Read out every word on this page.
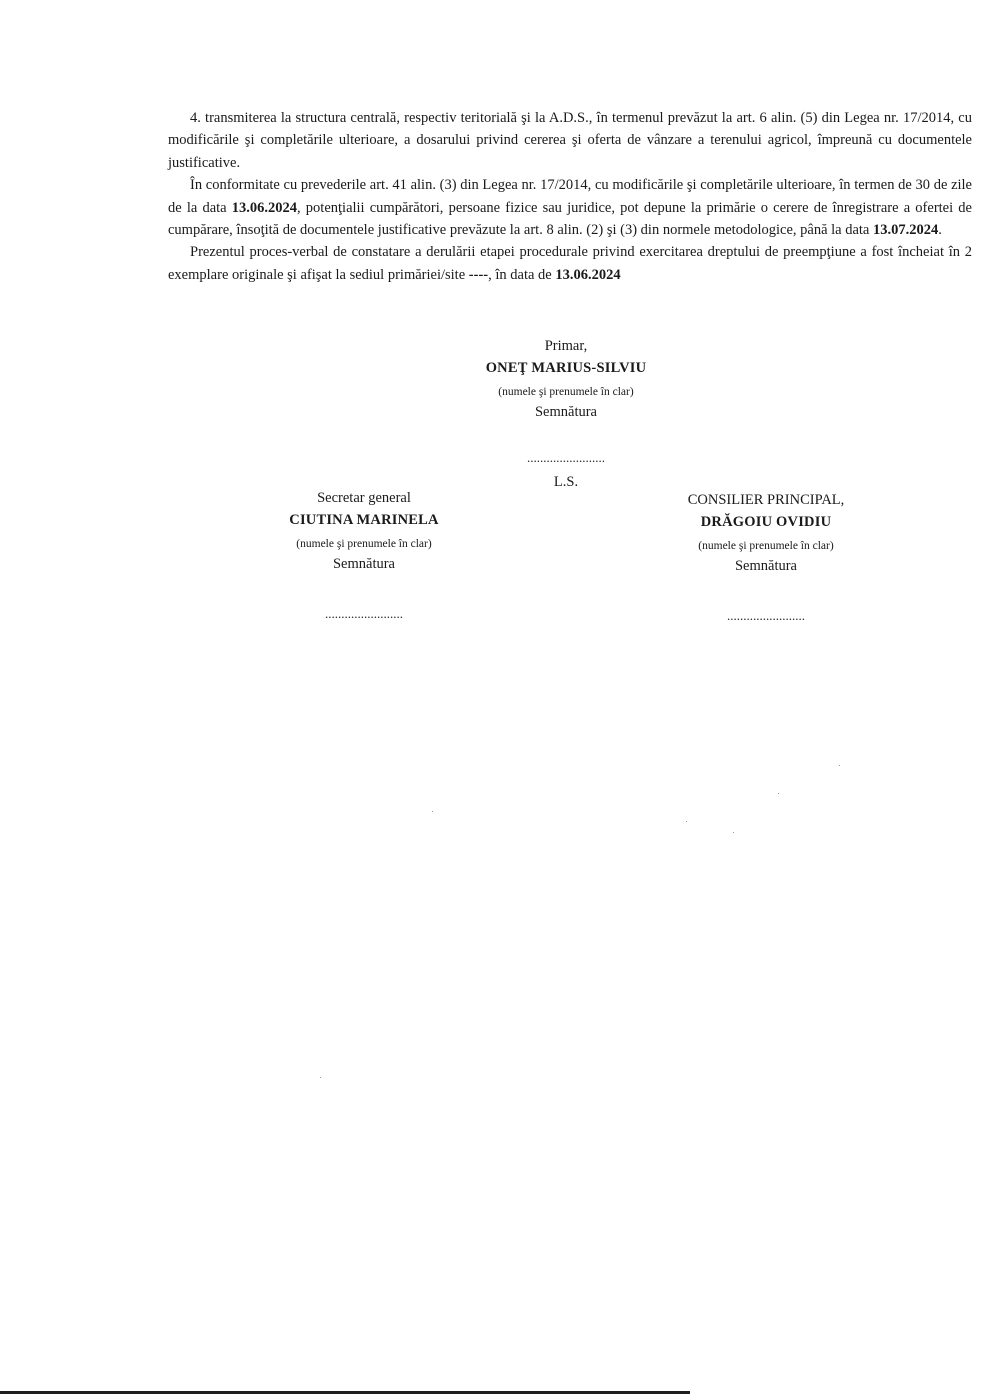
4. transmiterea la structura centrală, respectiv teritorială şi la A.D.S., în termenul prevăzut la art. 6 alin. (5) din Legea nr. 17/2014, cu modificările şi completările ulterioare, a dosarului privind cererea şi oferta de vânzare a terenului agricol, împreună cu documentele justificative.

În conformitate cu prevederile art. 41 alin. (3) din Legea nr. 17/2014, cu modificările şi completările ulterioare, în termen de 30 de zile de la data 13.06.2024, potenţialii cumpărători, persoane fizice sau juridice, pot depune la primărie o cerere de înregistrare a ofertei de cumpărare, însoţită de documentele justificative prevăzute la art. 8 alin. (2) şi (3) din normele metodologice, până la data 13.07.2024.

Prezentul proces-verbal de constatare a derulării etapei procedurale privind exercitarea dreptului de preempţiune a fost încheiat în 2 exemplare originale şi afişat la sediul primăriei/site ----, în data de 13.06.2024

Primar,
ONEŢ MARIUS-SILVIU
(numele şi prenumele în clar)
Semnătura
........................
L.S.
Secretar general
CIUTINA MARINELA
(numele şi prenumele în clar)
Semnătura
........................
CONSILIER PRINCIPAL,
DRĂGOIU OVIDIU
(numele şi prenumele în clar)
Semnătura
........................
